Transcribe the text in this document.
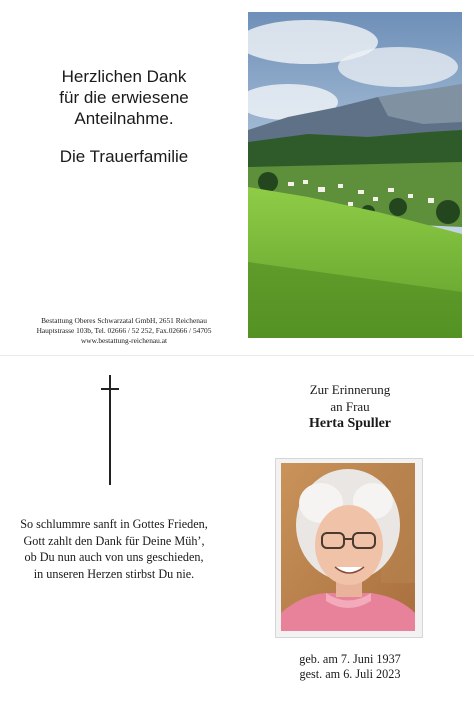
Herzlichen Dank
für die erwiesene
Anteilnahme.
Die Trauerfamilie
Bestattung Oberes Schwarzatal GmbH, 2651 Reichenau
Hauptstrasse 103b, Tel. 02666 / 52 252, Fax.02666 / 54705
www.bestattung-reichenau.at
So schlummre sanft in Gottes Frieden,
Gott zahlt den Dank für Deine Müh’,
ob Du nun auch von uns geschieden,
in unseren Herzen stirbst Du nie.
Zur Erinnerung
an Frau
Herta Spuller
geb. am 7. Juni 1937
gest. am 6. Juli 2023
